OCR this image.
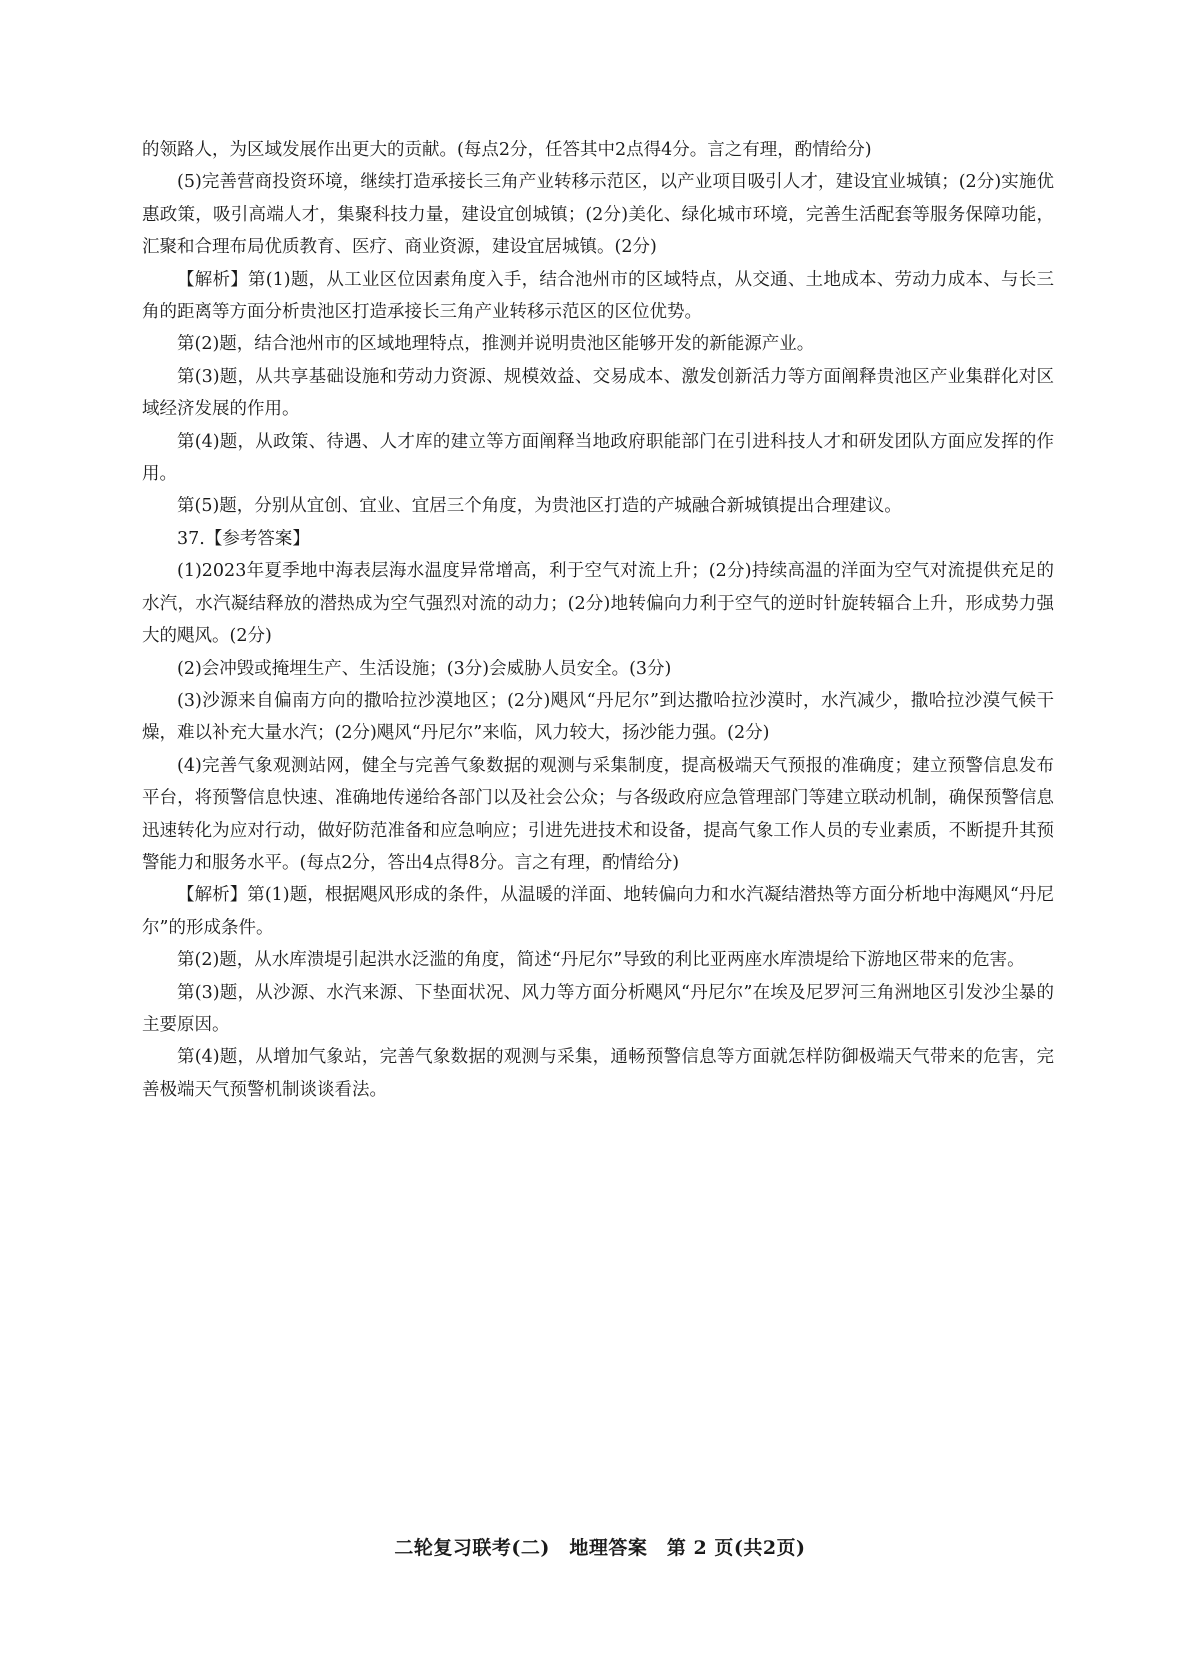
的领路人，为区域发展作出更大的贡献。(每点2分，任答其中2点得4分。言之有理，酌情给分)

(5)完善营商投资环境，继续打造承接长三角产业转移示范区，以产业项目吸引人才，建设宜业城镇；(2分)实施优惠政策，吸引高端人才，集聚科技力量，建设宜创城镇；(2分)美化、绿化城市环境，完善生活配套等服务保障功能，汇聚和合理布局优质教育、医疗、商业资源，建设宜居城镇。(2分)

【解析】第(1)题，从工业区位因素角度入手，结合池州市的区域特点，从交通、土地成本、劳动力成本、与长三角的距离等方面分析贵池区打造承接长三角产业转移示范区的区位优势。

第(2)题，结合池州市的区域地理特点，推测并说明贵池区能够开发的新能源产业。

第(3)题，从共享基础设施和劳动力资源、规模效益、交易成本、激发创新活力等方面阐释贵池区产业集群化对区域经济发展的作用。

第(4)题，从政策、待遇、人才库的建立等方面阐释当地政府职能部门在引进科技人才和研发团队方面应发挥的作用。

第(5)题，分别从宜创、宜业、宜居三个角度，为贵池区打造的产城融合新城镇提出合理建议。

37.【参考答案】

(1)2023年夏季地中海表层海水温度异常增高，利于空气对流上升；(2分)持续高温的洋面为空气对流提供充足的水汽，水汽凝结释放的潜热成为空气强烈对流的动力；(2分)地转偏向力利于空气的逆时针旋转辐合上升，形成势力强大的飓风。(2分)

(2)会冲毁或掩埋生产、生活设施；(3分)会威胁人员安全。(3分)

(3)沙源来自偏南方向的撒哈拉沙漠地区；(2分)飓风“丹尼尔”到达撒哈拉沙漠时，水汽减少，撒哈拉沙漠气候干燥，难以补充大量水汽；(2分)飓风“丹尼尔”来临，风力较大，扬沙能力强。(2分)

(4)完善气象观测站网，健全与完善气象数据的观测与采集制度，提高极端天气预报的准确度；建立预警信息发布平台，将预警信息快速、准确地传递给各部门以及社会公众；与各级政府应急管理部门等建立联动机制，确保预警信息迅速转化为应对行动，做好防范准备和应急响应；引进先进技术和设备，提高气象工作人员的专业素质，不断提升其预警能力和服务水平。(每点2分，答出4点得8分。言之有理，酌情给分)

【解析】第(1)题，根据飓风形成的条件，从温暖的洋面、地转偏向力和水汽凝结潜热等方面分析地中海飓风“丹尼尔”的形成条件。

第(2)题，从水库溃堤引起洪水泛滥的角度，简述“丹尼尔”导致的利比亚两座水库溃堤给下游地区带来的危害。

第(3)题，从沙源、水汽来源、下垫面状况、风力等方面分析飓风“丹尼尔”在埃及尼罗河三角洲地区引发沙尘暴的主要原因。

第(4)题，从增加气象站，完善气象数据的观测与采集，通畅预警信息等方面就怎样防御极端天气带来的危害，完善极端天气预警机制谈谈看法。

二轮复习联考(二)　地理答案　第 2 页(共2页)
